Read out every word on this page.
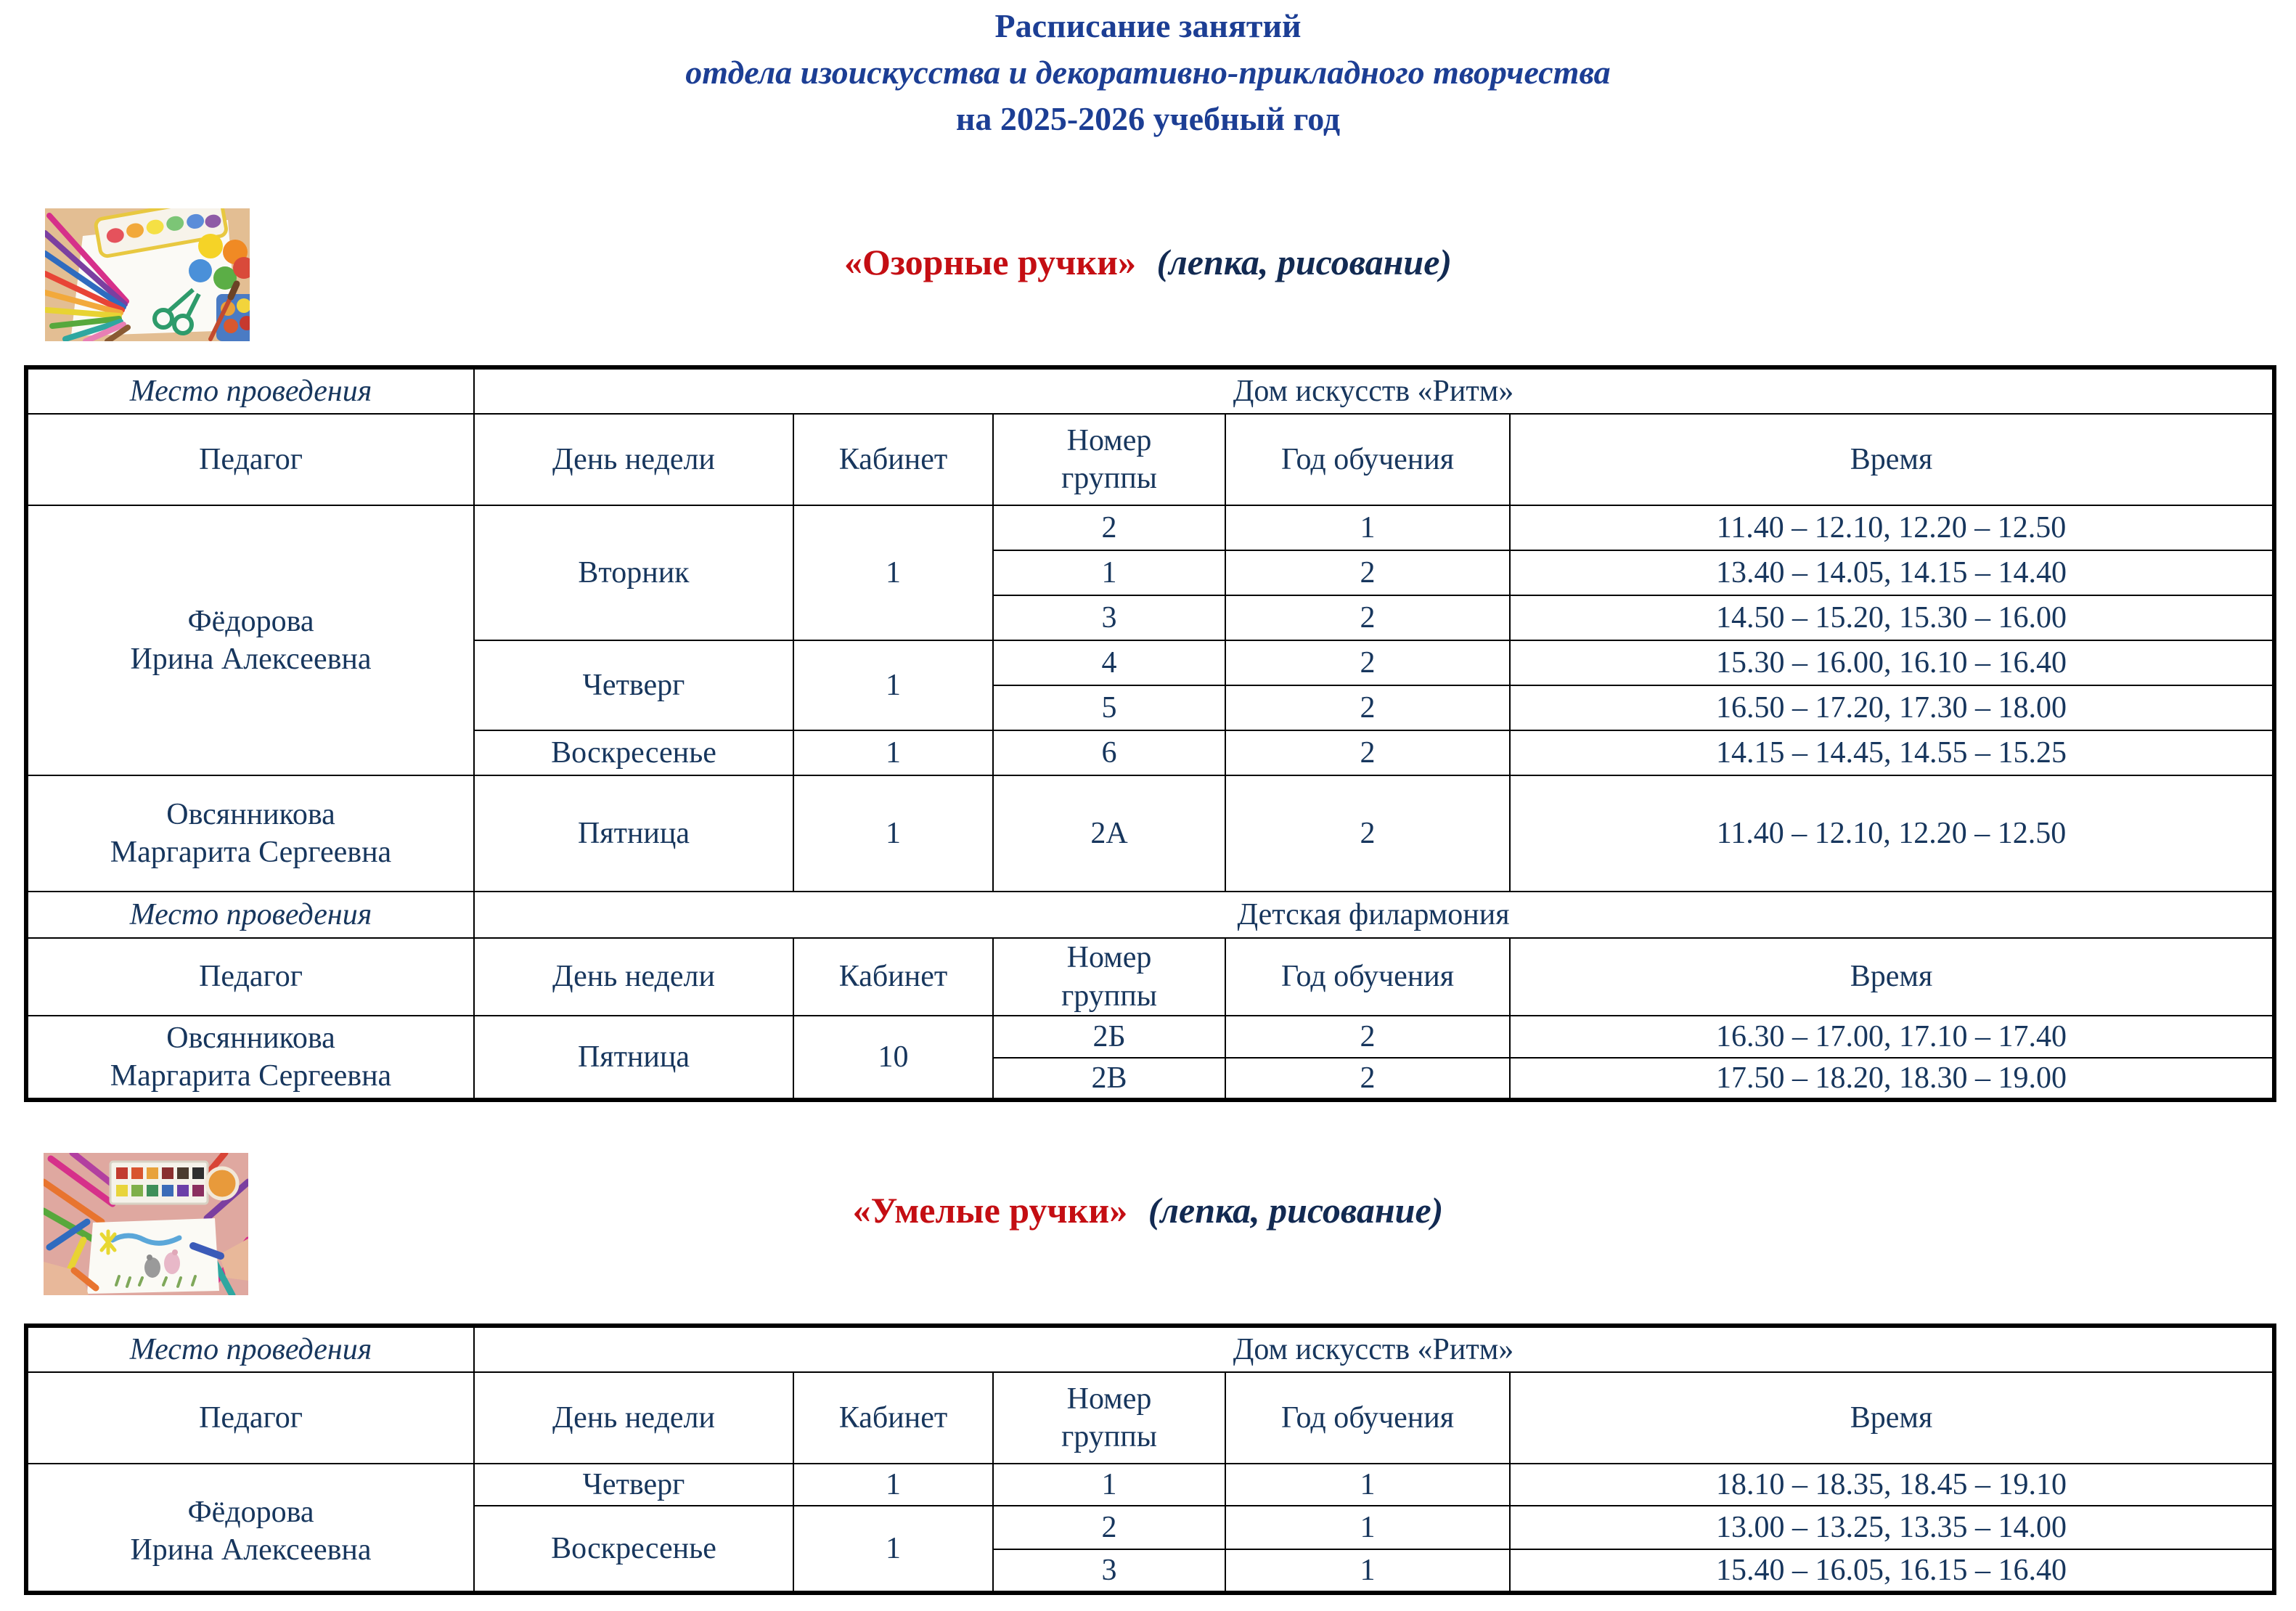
Расписание занятий
отдела изоискусства и декоративно-прикладного творчества
на 2025-2026 учебный год
«Озорные ручки» (лепка, рисование)
Место проведения	Дом искусств «Ритм»				
Педагог	День недели	Кабинет	Номер
группы	Год обучения	Время
Фёдорова
Ирина Алексеевна	Вторник	1	2	1	11.40 – 12.10, 12.20 – 12.50
			1	2	13.40 – 14.05, 14.15 – 14.40
			3	2	14.50 – 15.20, 15.30 – 16.00
	Четверг	1	4	2	15.30 – 16.00, 16.10 – 16.40
			5	2	16.50 – 17.20, 17.30 – 18.00
	Воскресенье	1	6	2	14.15 – 14.45, 14.55 – 15.25
Овсянникова
Маргарита Сергеевна	Пятница	1	2А	2	11.40 – 12.10, 12.20 – 12.50
Место проведения	Детская филармония				
Педагог	День недели	Кабинет	Номер
группы	Год обучения	Время
Овсянникова
Маргарита Сергеевна	Пятница	10	2Б	2	16.30 – 17.00, 17.10 – 17.40
			2В	2	17.50 – 18.20, 18.30 – 19.00
«Умелые ручки» (лепка, рисование)
Место проведения	Дом искусств «Ритм»				
Педагог	День недели	Кабинет	Номер
группы	Год обучения	Время
Фёдорова
Ирина Алексеевна	Четверг	1	1	1	18.10 – 18.35, 18.45 – 19.10
	Воскресенье	1	2	1	13.00 – 13.25, 13.35 – 14.00
			3	1	15.40 – 16.05, 16.15 – 16.40
